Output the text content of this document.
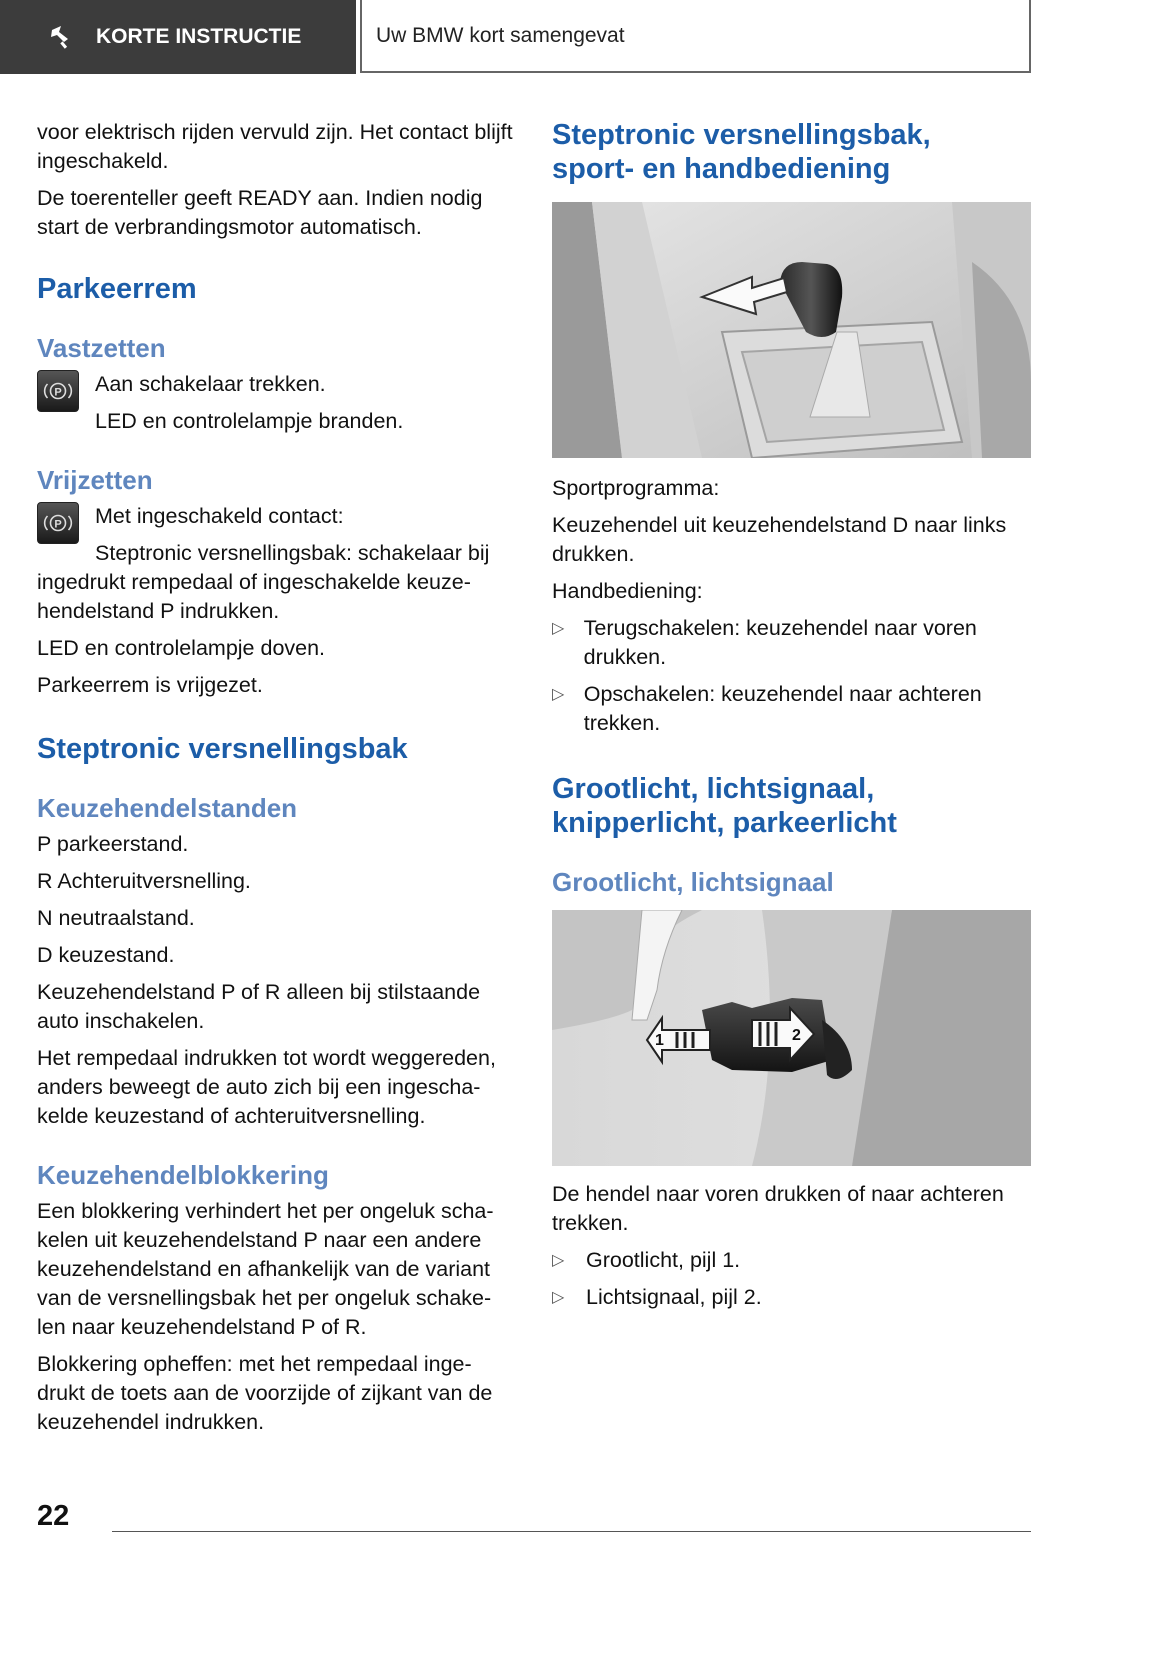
KORTE INSTRUCTIE	Uw BMW kort samengevat

voor elektrisch rijden vervuld zijn. Het contact blijft ingeschakeld.

De toerenteller geeft READY aan. Indien nodig start de verbrandingsmotor automatisch.

Parkeerrem

Vastzetten

P Aan schakelaar trekken.

LED en controlelampje branden.

Vrijzetten

P Met ingeschakeld contact:

Steptronic versnellingsbak: schakelaar bij

ingedrukt rempedaal of ingeschakelde keuze-

hendelstand P indrukken.

LED en controlelampje doven.

Parkeerrem is vrijgezet.

Steptronic versnellingsbak

Keuzehendelstanden

P parkeerstand.

R Achteruitversnelling.

N neutraalstand.

D keuzestand.

Keuzehendelstand P of R alleen bij stilstaande auto inschakelen.

Het rempedaal indrukken tot wordt weggereden, anders beweegt de auto zich bij een ingescha-kelde keuzestand of achteruitversnelling.

Keuzehendelblokkering

Een blokkering verhindert het per ongeluk scha-kelen uit keuzehendelstand P naar een andere keuzehendelstand en afhankelijk van de variant van de versnellingsbak het per ongeluk schake-len naar keuzehendelstand P of R.

Blokkering opheffen: met het rempedaal inge-drukt de toets aan de voorzijde of zijkant van de keuzehendel indrukken.

Steptronic versnellingsbak,

sport- en handbediening

Sportprogramma:

Keuzehendel uit keuzehendelstand D naar links drukken.

Handbediening:

▷ Terugschakelen: keuzehendel naar voren drukken.

▷ Opschakelen: keuzehendel naar achteren trekken.

Grootlicht, lichtsignaal,

knipperlicht, parkeerlicht

Grootlicht, lichtsignaal

1	2

De hendel naar voren drukken of naar achteren trekken.

▷	Grootlicht, pijl 1.

▷	Lichtsignaal, pijl 2.

22
